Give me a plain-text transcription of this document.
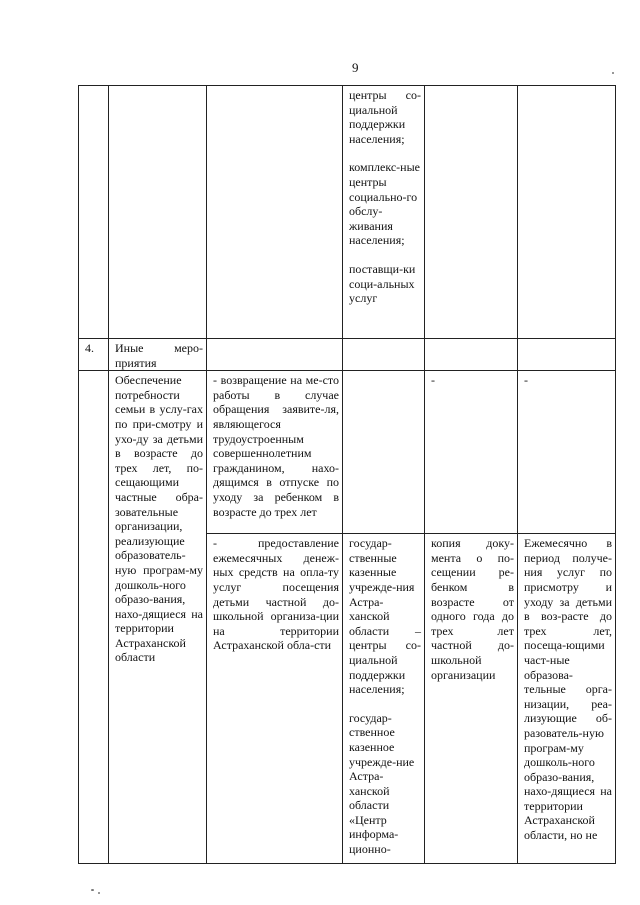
9

			центры со-циальной поддержки населения;

комплекс-ные центры социально-го обслу-живания населения;

поставщи-ки соци-альных услуг		

4.	Иные меро-приятия				
	Обеспечение потребности семьи в услу-гах по при-смотру и ухо-ду за детьми в возрасте до трех лет, по-сещающими частные обра-зовательные организации, реализующие образователь-ную програм-му дошколь-ного образо-вания, нахо-дящиеся на территории Астраханской области	- возвращение на ме-сто работы в случае обращения заявите-ля, являющегося трудоустроенным совершеннолетним гражданином, нахо-дящимся в отпуске по уходу за ребенком в возрасте до трех лет		-	-
		- предоставление ежемесячных денеж-ных средств на опла-ту услуг посещения детьми частной до-школьной организа-ции на территории Астраханской обла-сти	государ-ственные казенные учрежде-ния Астра-ханской области – центры со-циальной поддержки населения;

государ-ственное казенное учрежде-ние Астра-ханской области «Центр информа-ционно-	копия доку-мента о по-сещении ре-бенком в возрасте от одного года до трех лет частной до-школьной организации	Ежемесячно в период получе-ния услуг по присмотру и уходу за детьми в воз-расте до трех лет, посеща-ющими част-ные образова-тельные орга-низации, реа-лизующие об-разователь-ную програм-му дошколь-ного образо-вания, нахо-дящиеся на территории Астраханской области, но не
